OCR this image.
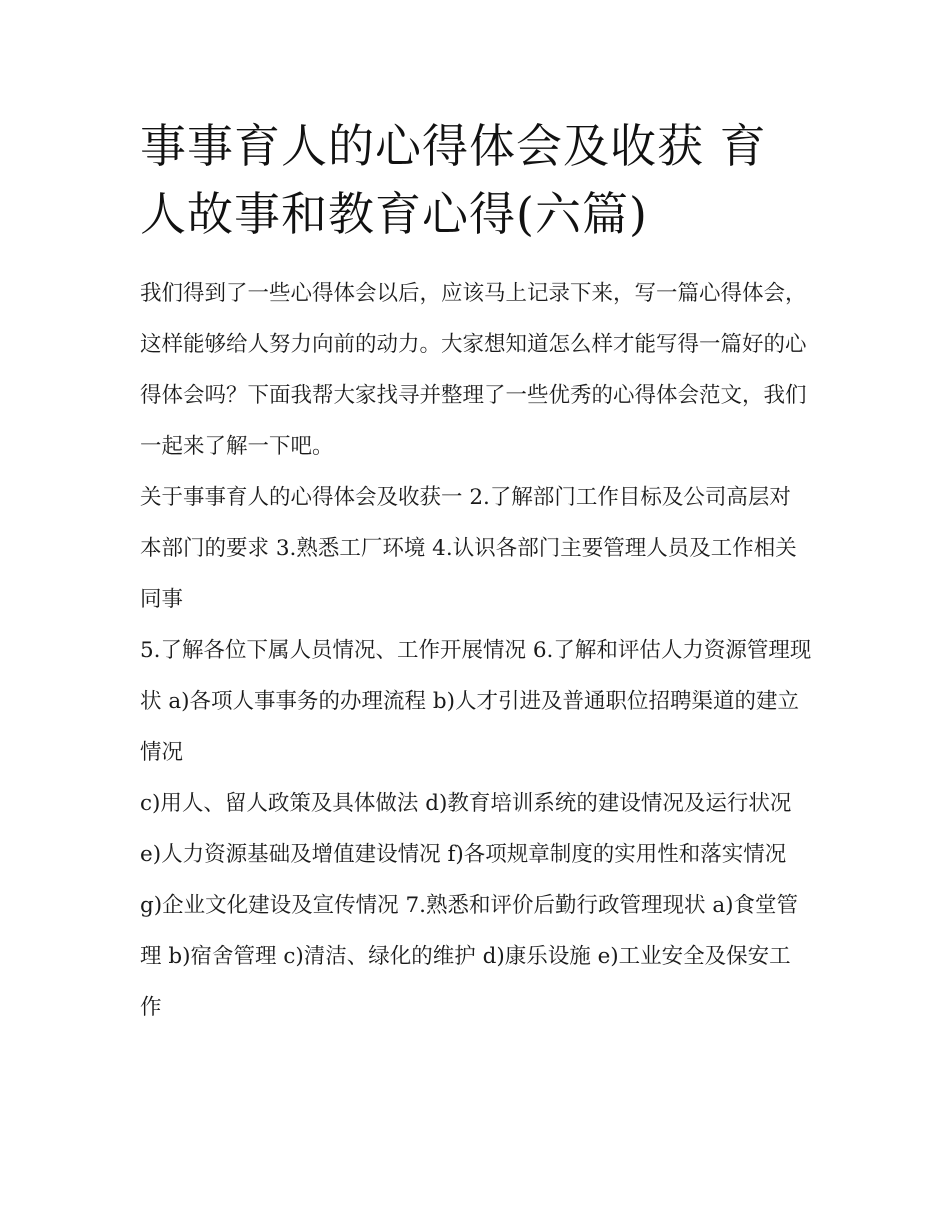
事事育人的心得体会及收获 育人故事和教育心得(六篇)

我们得到了一些心得体会以后，应该马上记录下来，写一篇心得体会，这样能够给人努力向前的动力。大家想知道怎么样才能写得一篇好的心得体会吗？下面我帮大家找寻并整理了一些优秀的心得体会范文，我们一起来了解一下吧。

关于事事育人的心得体会及收获一 2.了解部门工作目标及公司高层对本部门的要求 3.熟悉工厂环境 4.认识各部门主要管理人员及工作相关同事

5.了解各位下属人员情况、工作开展情况 6.了解和评估人力资源管理现状 a)各项人事事务的办理流程 b)人才引进及普通职位招聘渠道的建立情况

c)用人、留人政策及具体做法 d)教育培训系统的建设情况及运行状况 e)人力资源基础及增值建设情况 f)各项规章制度的实用性和落实情况

g)企业文化建设及宣传情况 7.熟悉和评价后勤行政管理现状 a)食堂管理 b)宿舍管理 c)清洁、绿化的维护 d)康乐设施 e)工业安全及保安工作
